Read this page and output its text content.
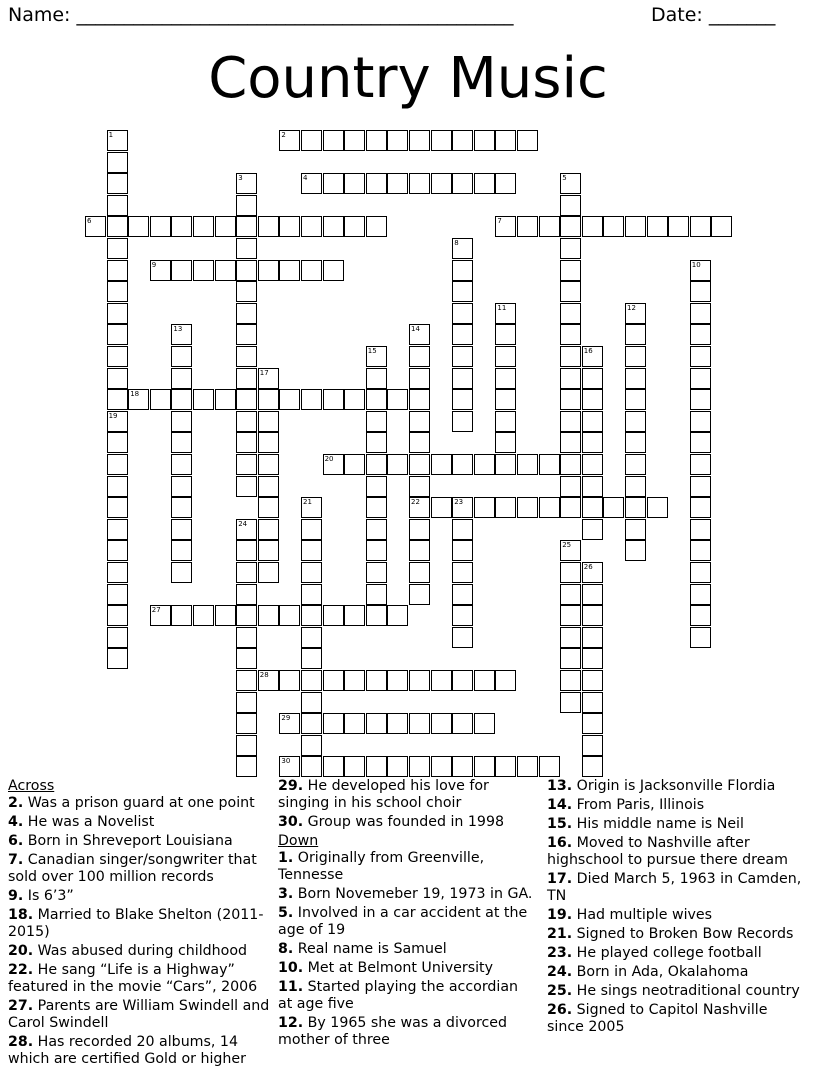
Name: ______________________________________________	Date: _______
Country Music
1
19
2
3	4	5
6	7
8
9	10
11	12
13	14
22
15	16
17
18
20
21	23
24
25
26
27
28
29
30
Across
2. Was a prison guard at one point
4. He was a Novelist
6. Born in Shreveport Louisiana
7. Canadian singer/songwriter that sold over 100 million records
9. Is 6’3”
18. Married to Blake Shelton (2011-2015)
20. Was abused during childhood
22. He sang “Life is a Highway” featured in the movie “Cars”, 2006
27. Parents are William Swindell and Carol Swindell
28. Has recorded 20 albums, 14 which are certified Gold or higher
29. He developed his love for singing in his school choir
30. Group was founded in 1998
Down
1. Originally from Greenville, Tennesse
3. Born Novemeber 19, 1973 in GA.
5. Involved in a car accident at the age of 19
8. Real name is Samuel
10. Met at Belmont University
11. Started playing the accordian at age five
12. By 1965 she was a divorced mother of three
13. Origin is Jacksonville Flordia
14. From Paris, Illinois
15. His middle name is Neil
16. Moved to Nashville after highschool to pursue there dream
17. Died March 5, 1963 in Camden, TN
19. Had multiple wives
21. Signed to Broken Bow Records
23. He played college football
24. Born in Ada, Okalahoma
25. He sings neotraditional country
26. Signed to Capitol Nashville since 2005
